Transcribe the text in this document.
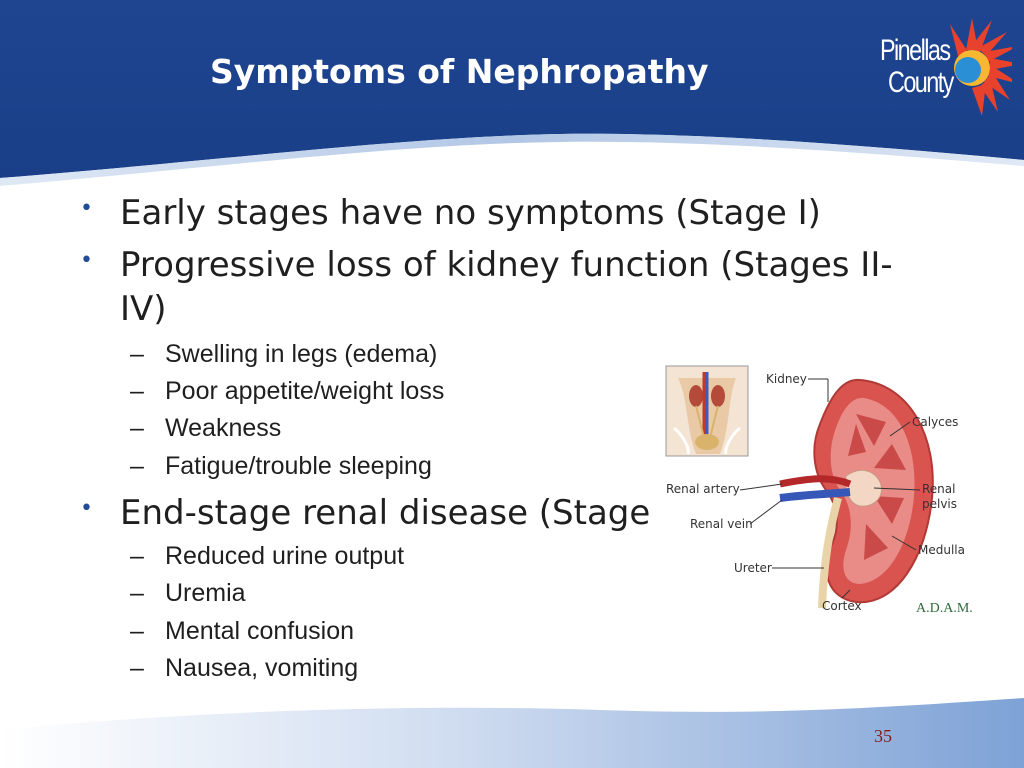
Symptoms of Nephropathy
Pinellas
County
• Early stages have no symptoms (Stage I)
• Progressive loss of kidney function (Stages II-
IV)
– Swelling in legs (edema)
– Poor appetite/weight loss
– Weakness
– Fatigue/trouble sleeping
• End-stage renal disease (Stage
– Reduced urine output
– Uremia
– Mental confusion
– Nausea, vomiting
Kidney
Calyces
Renal artery	Renal
pelvis
Renal vein
Medulla
Ureter
Cortex	A.D.A.M.
35
